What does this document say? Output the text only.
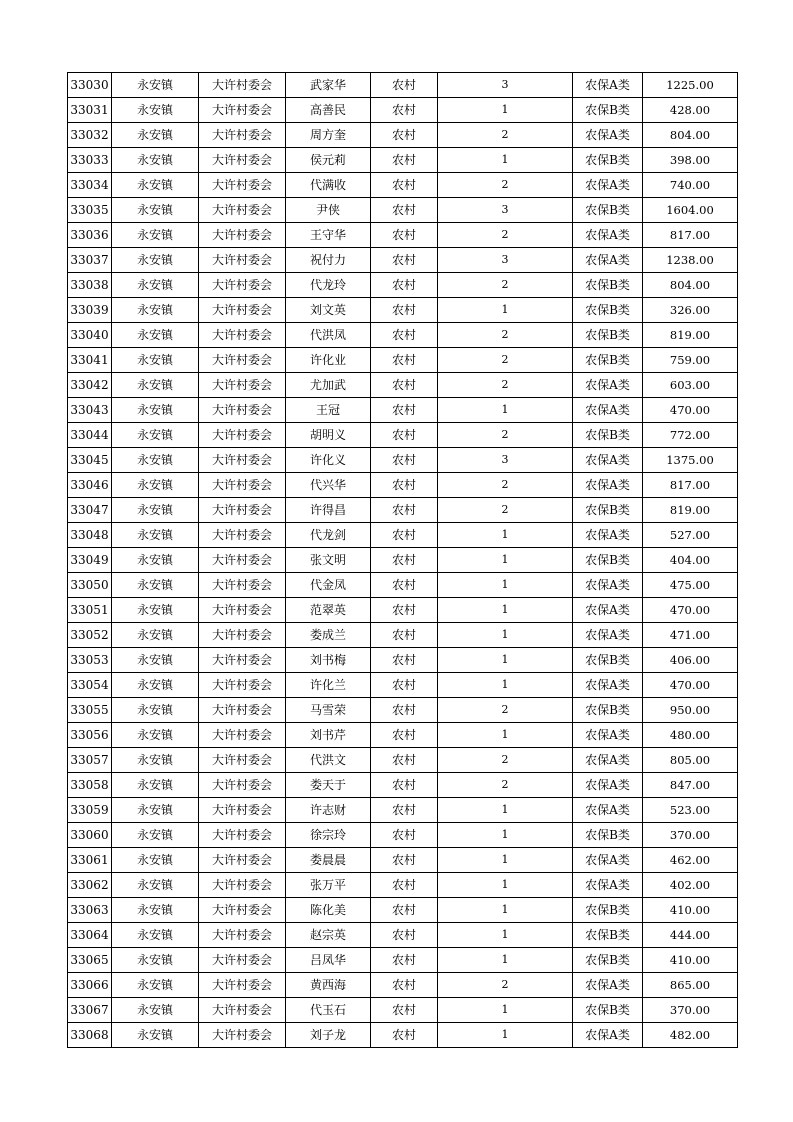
33030	永安镇	大许村委会	武家华	农村	3	农保A类	1225.00
33031	永安镇	大许村委会	高善民	农村	1	农保B类	428.00
33032	永安镇	大许村委会	周方奎	农村	2	农保A类	804.00
33033	永安镇	大许村委会	侯元莉	农村	1	农保B类	398.00
33034	永安镇	大许村委会	代满收	农村	2	农保A类	740.00
33035	永安镇	大许村委会	尹侠	农村	3	农保B类	1604.00
33036	永安镇	大许村委会	王守华	农村	2	农保A类	817.00
33037	永安镇	大许村委会	祝付力	农村	3	农保A类	1238.00
33038	永安镇	大许村委会	代龙玲	农村	2	农保B类	804.00
33039	永安镇	大许村委会	刘文英	农村	1	农保B类	326.00
33040	永安镇	大许村委会	代洪凤	农村	2	农保B类	819.00
33041	永安镇	大许村委会	许化业	农村	2	农保B类	759.00
33042	永安镇	大许村委会	尤加武	农村	2	农保A类	603.00
33043	永安镇	大许村委会	王冠	农村	1	农保A类	470.00
33044	永安镇	大许村委会	胡明义	农村	2	农保B类	772.00
33045	永安镇	大许村委会	许化义	农村	3	农保A类	1375.00
33046	永安镇	大许村委会	代兴华	农村	2	农保A类	817.00
33047	永安镇	大许村委会	许得昌	农村	2	农保B类	819.00
33048	永安镇	大许村委会	代龙剑	农村	1	农保A类	527.00
33049	永安镇	大许村委会	张文明	农村	1	农保B类	404.00
33050	永安镇	大许村委会	代金凤	农村	1	农保A类	475.00
33051	永安镇	大许村委会	范翠英	农村	1	农保A类	470.00
33052	永安镇	大许村委会	娄成兰	农村	1	农保A类	471.00
33053	永安镇	大许村委会	刘书梅	农村	1	农保B类	406.00
33054	永安镇	大许村委会	许化兰	农村	1	农保A类	470.00
33055	永安镇	大许村委会	马雪荣	农村	2	农保B类	950.00
33056	永安镇	大许村委会	刘书芹	农村	1	农保A类	480.00
33057	永安镇	大许村委会	代洪文	农村	2	农保A类	805.00
33058	永安镇	大许村委会	娄天于	农村	2	农保A类	847.00
33059	永安镇	大许村委会	许志财	农村	1	农保A类	523.00
33060	永安镇	大许村委会	徐宗玲	农村	1	农保B类	370.00
33061	永安镇	大许村委会	娄晨晨	农村	1	农保A类	462.00
33062	永安镇	大许村委会	张万平	农村	1	农保A类	402.00
33063	永安镇	大许村委会	陈化美	农村	1	农保B类	410.00
33064	永安镇	大许村委会	赵宗英	农村	1	农保B类	444.00
33065	永安镇	大许村委会	吕凤华	农村	1	农保B类	410.00
33066	永安镇	大许村委会	黄西海	农村	2	农保A类	865.00
33067	永安镇	大许村委会	代玉石	农村	1	农保B类	370.00
33068	永安镇	大许村委会	刘子龙	农村	1	农保A类	482.00
